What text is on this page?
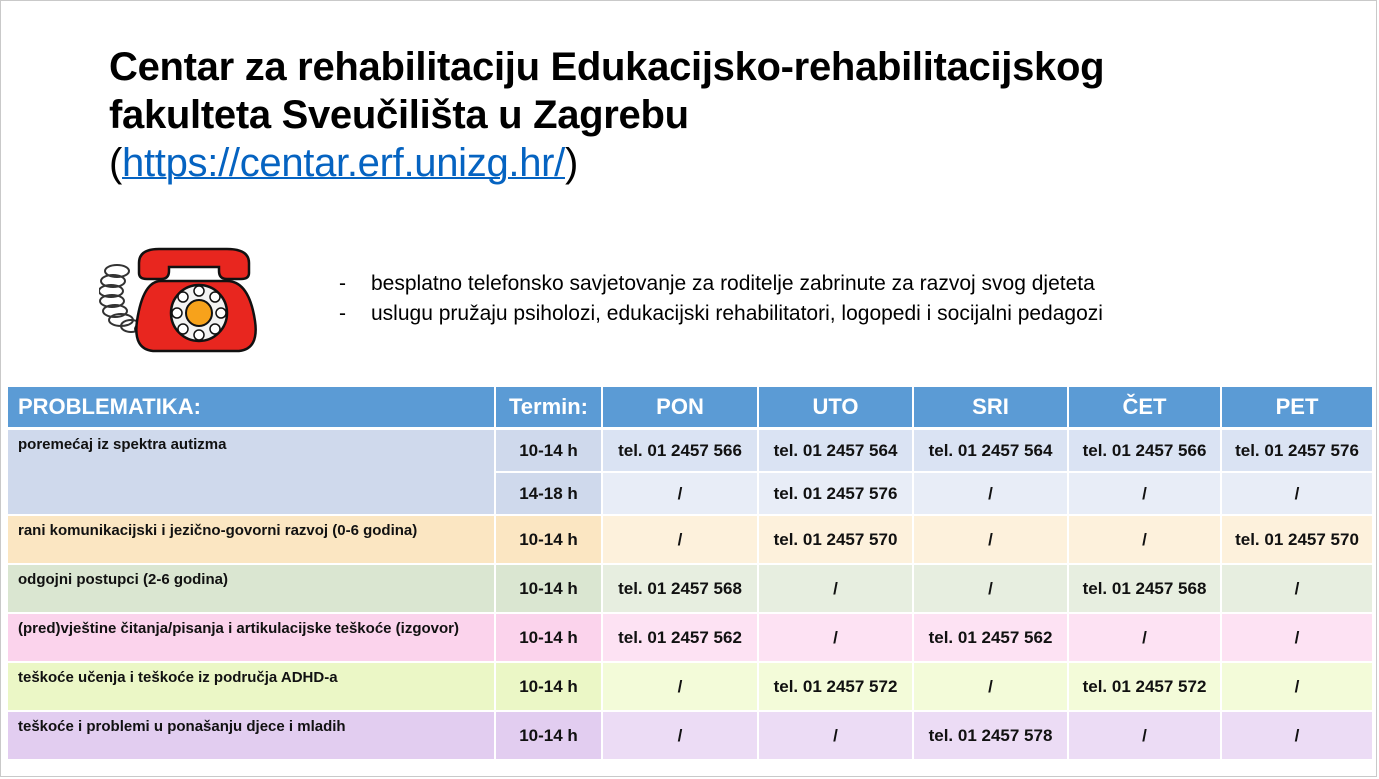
Centar za rehabilitaciju Edukacijsko-rehabilitacijskog
fakulteta Sveučilišta u Zagrebu
(https://centar.erf.unizg.hr/)
-	besplatno telefonsko savjetovanje za roditelje zabrinute za razvoj svog djeteta
-	uslugu pružaju psiholozi, edukacijski rehabilitatori, logopedi i socijalni pedagozi
PROBLEMATIKA:	Termin:	PON	UTO	SRI	ČET	PET
poremećaj iz spektra autizma	10-14 h	tel. 01 2457 566	tel. 01 2457 564	tel. 01 2457 564	tel. 01 2457 566	tel. 01 2457 576
	14-18 h	/	tel. 01 2457 576	/	/	/
rani komunikacijski i jezično-govorni razvoj (0-6 godina)	10-14 h	/	tel. 01 2457 570	/	/	tel. 01 2457 570
odgojni postupci (2-6 godina)	10-14 h	tel. 01 2457 568	/	/	tel. 01 2457 568	/
(pred)vještine čitanja/pisanja i artikulacijske teškoće (izgovor)	10-14 h	tel. 01 2457 562	/	tel. 01 2457 562	/	/
teškoće učenja i teškoće iz područja ADHD-a	10-14 h	/	tel. 01 2457 572	/	tel. 01 2457 572	/
teškoće i problemi u ponašanju djece i mladih	10-14 h	/	/	tel. 01 2457 578	/	/
